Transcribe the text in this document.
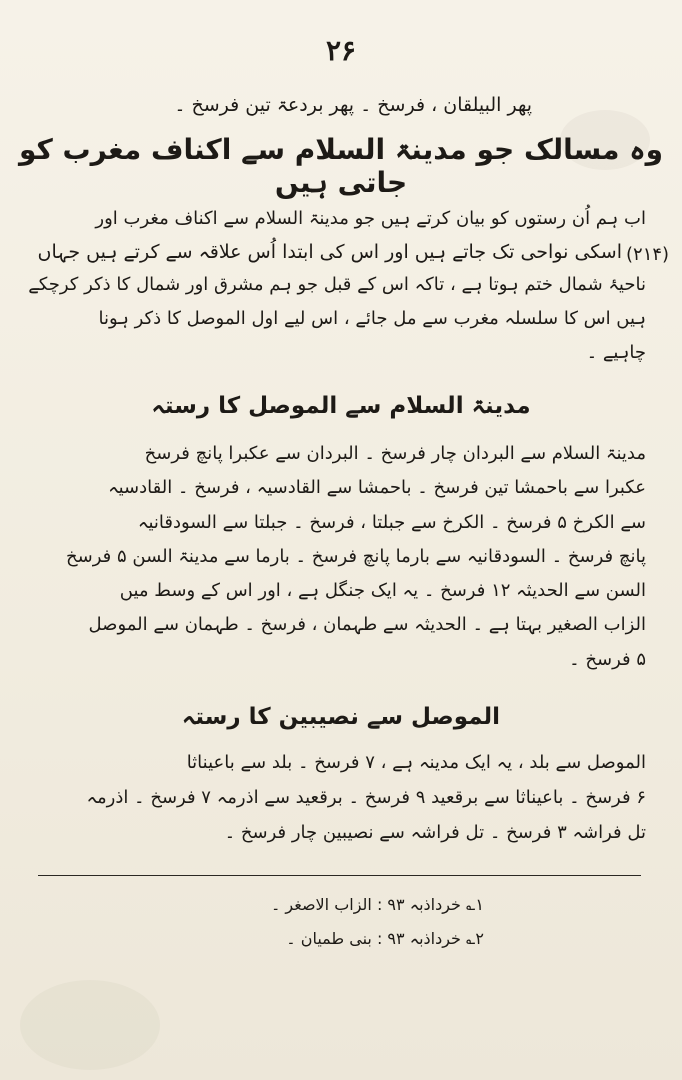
۲۶
پھر البیلقان ، فرسخ ۔ پھر بردعۃ تین فرسخ ۔
وہ مسالک جو مدینۃ السلام سے اکناف مغرب کو جاتی ہیں
(۲۱۴)
اب ہم اُن رستوں کو بیان کرتے ہیں جو مدینۃ السلام سے اکناف مغرب اور
اسکی نواحی تک جاتے ہیں اور اس کی ابتدا اُس علاقہ سے کرتے ہیں جہاں
ناحیۂ شمال ختم ہوتا ہے ، تاکہ اس کے قبل جو ہم مشرق اور شمال کا ذکر کرچکے
ہیں اس کا سلسلہ مغرب سے مل جائے ، اس لیے اول الموصل کا ذکر ہونا
چاہیے ۔
مدینۃ السلام سے الموصل کا رستہ
مدینۃ السلام سے البردان چار فرسخ ۔ البردان سے عکبرا پانچ فرسخ
عکبرا سے باحمشا تین فرسخ ۔ باحمشا سے القادسیہ ، فرسخ ۔ القادسیہ
سے الکرخ ۵ فرسخ ۔ الکرخ سے جبلتا ، فرسخ ۔ جبلتا سے السودقانیہ
پانچ فرسخ ۔ السودقانیہ سے بارما پانچ فرسخ ۔ بارما سے مدینۃ السن ۵ فرسخ
السن سے الحدیثہ ۱۲ فرسخ ۔ یہ ایک جنگل ہے ، اور اس کے وسط میں
الزاب الصغیر بہتا ہے ۔ الحدیثہ سے طہمان ، فرسخ ۔ طہمان سے الموصل
۵ فرسخ ۔
الموصل سے نصیبین کا رستہ
الموصل سے بلد ، یہ ایک مدینہ ہے ، ۷ فرسخ ۔ بلد سے باعیناثا
۶ فرسخ ۔ باعیناثا سے برقعید ۹ فرسخ ۔ برقعید سے اذرمہ ۷ فرسخ ۔ اذرمہ
تل فراشہ ۳ فرسخ ۔ تل فراشہ سے نصیبین چار فرسخ ۔
۱؎ خرداذبہ ۹۳ : الزاب الاصغر ۔
۲؎ خرداذبہ ۹۳ : بنی طمیان ۔
